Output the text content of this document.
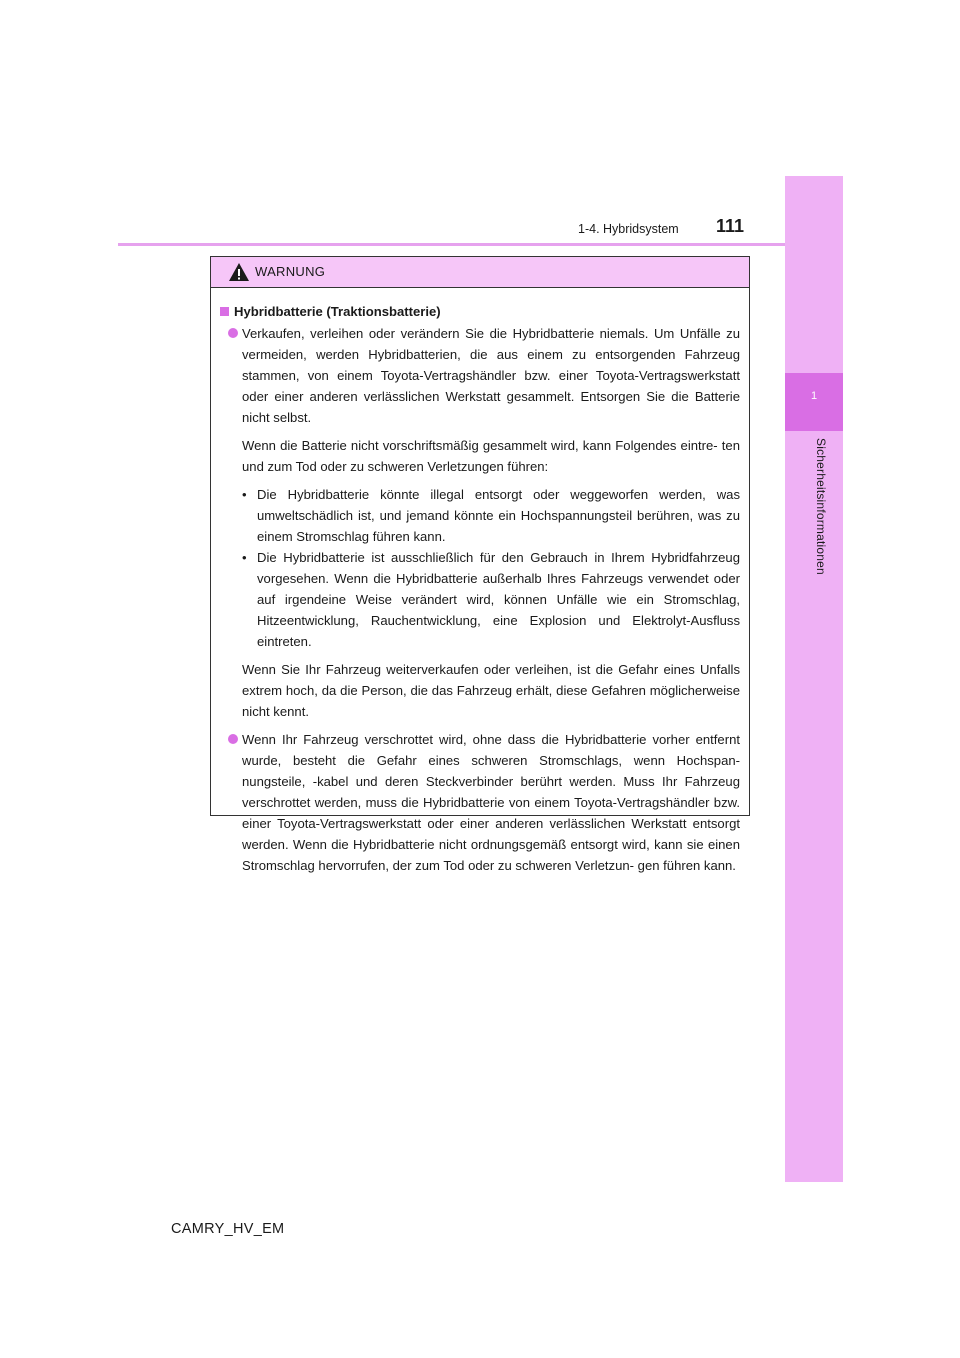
1
Sicherheitsinformationen
1-4. Hybridsystem 111
WARNUNG
Hybridbatterie (Traktionsbatterie)
Verkaufen, verleihen oder verändern Sie die Hybridbatterie niemals. Um Unfälle zu vermeiden, werden Hybridbatterien, die aus einem zu entsorgenden Fahrzeug stammen, von einem Toyota-Vertragshändler bzw. einer Toyota-Vertragswerkstatt oder einer anderen verlässlichen Werkstatt gesammelt. Entsorgen Sie die Batterie nicht selbst.
Wenn die Batterie nicht vorschriftsmäßig gesammelt wird, kann Folgendes eintre- ten und zum Tod oder zu schweren Verletzungen führen:
• Die Hybridbatterie könnte illegal entsorgt oder weggeworfen werden, was umweltschädlich ist, und jemand könnte ein Hochspannungsteil berühren, was zu einem Stromschlag führen kann.
• Die Hybridbatterie ist ausschließlich für den Gebrauch in Ihrem Hybridfahrzeug vorgesehen. Wenn die Hybridbatterie außerhalb Ihres Fahrzeugs verwendet oder auf irgendeine Weise verändert wird, können Unfälle wie ein Stromschlag, Hitzeentwicklung, Rauchentwicklung, eine Explosion und Elektrolyt-Ausfluss eintreten.
Wenn Sie Ihr Fahrzeug weiterverkaufen oder verleihen, ist die Gefahr eines Unfalls extrem hoch, da die Person, die das Fahrzeug erhält, diese Gefahren möglicherweise nicht kennt.
Wenn Ihr Fahrzeug verschrottet wird, ohne dass die Hybridbatterie vorher entfernt wurde, besteht die Gefahr eines schweren Stromschlags, wenn Hochspan- nungsteile, -kabel und deren Steckverbinder berührt werden. Muss Ihr Fahrzeug verschrottet werden, muss die Hybridbatterie von einem Toyota-Vertragshändler bzw. einer Toyota-Vertragswerkstatt oder einer anderen verlässlichen Werkstatt entsorgt werden. Wenn die Hybridbatterie nicht ordnungsgemäß entsorgt wird, kann sie einen Stromschlag hervorrufen, der zum Tod oder zu schweren Verletzun- gen führen kann.
CAMRY_HV_EM
